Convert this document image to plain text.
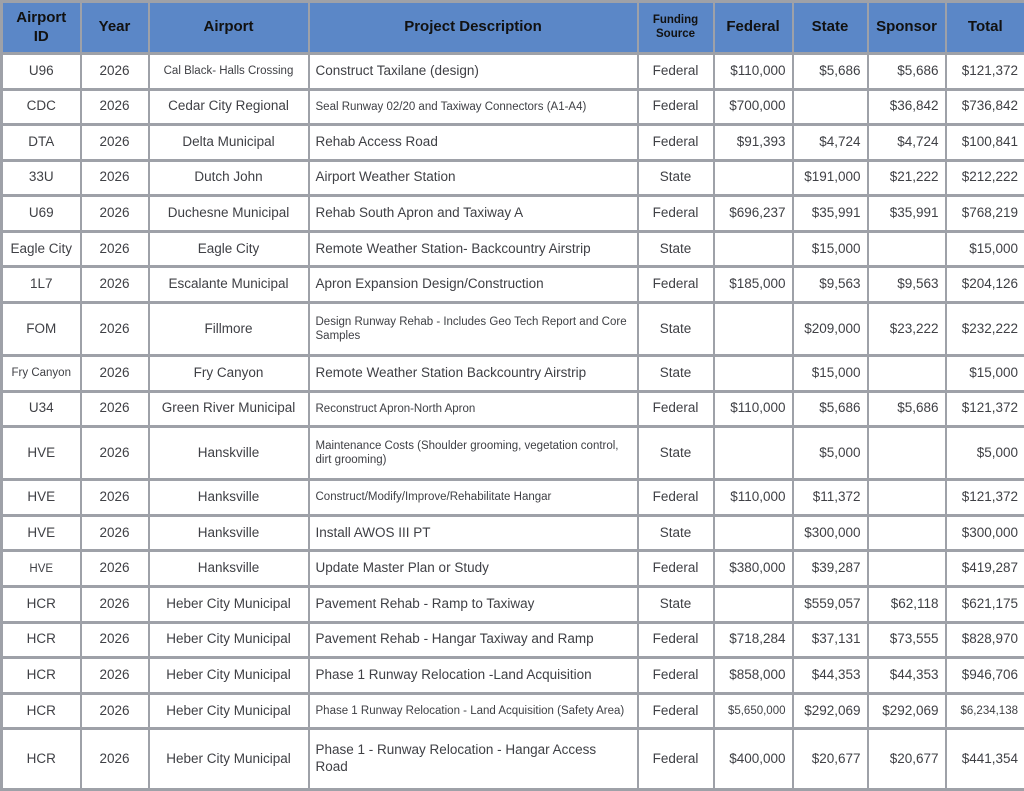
Airport ID	Year	Airport	Project Description	Funding Source	Federal	State	Sponsor	Total
U96	2026	Cal Black- Halls Crossing	Construct Taxilane (design)	Federal	$110,000	$5,686	$5,686	$121,372
CDC	2026	Cedar City Regional	Seal Runway 02/20 and Taxiway Connectors (A1-A4)	Federal	$700,000		$36,842	$736,842
DTA	2026	Delta Municipal	Rehab Access Road	Federal	$91,393	$4,724	$4,724	$100,841
33U	2026	Dutch John	Airport Weather Station	State		$191,000	$21,222	$212,222
U69	2026	Duchesne Municipal	Rehab South Apron and Taxiway A	Federal	$696,237	$35,991	$35,991	$768,219
Eagle City	2026	Eagle City	Remote Weather Station- Backcountry Airstrip	State		$15,000		$15,000
1L7	2026	Escalante Municipal	Apron Expansion Design/Construction	Federal	$185,000	$9,563	$9,563	$204,126
FOM	2026	Fillmore	Design Runway Rehab - Includes Geo Tech Report and Core Samples	State		$209,000	$23,222	$232,222
Fry Canyon	2026	Fry Canyon	Remote Weather Station Backcountry Airstrip	State		$15,000		$15,000
U34	2026	Green River Municipal	Reconstruct Apron-North Apron	Federal	$110,000	$5,686	$5,686	$121,372
HVE	2026	Hanskville	Maintenance Costs (Shoulder grooming, vegetation control, dirt grooming)	State		$5,000		$5,000
HVE	2026	Hanksville	Construct/Modify/Improve/Rehabilitate Hangar	Federal	$110,000	$11,372		$121,372
HVE	2026	Hanksville	Install AWOS III PT	State		$300,000		$300,000
HVE	2026	Hanksville	Update Master Plan or Study	Federal	$380,000	$39,287		$419,287
HCR	2026	Heber City Municipal	Pavement Rehab - Ramp to Taxiway	State		$559,057	$62,118	$621,175
HCR	2026	Heber City Municipal	Pavement Rehab - Hangar Taxiway and Ramp	Federal	$718,284	$37,131	$73,555	$828,970
HCR	2026	Heber City Municipal	Phase 1 Runway Relocation -Land Acquisition	Federal	$858,000	$44,353	$44,353	$946,706
HCR	2026	Heber City Municipal	Phase 1 Runway Relocation - Land Acquisition (Safety Area)	Federal	$5,650,000	$292,069	$292,069	$6,234,138
HCR	2026	Heber City Municipal	Phase 1 - Runway Relocation - Hangar Access Road	Federal	$400,000	$20,677	$20,677	$441,354
